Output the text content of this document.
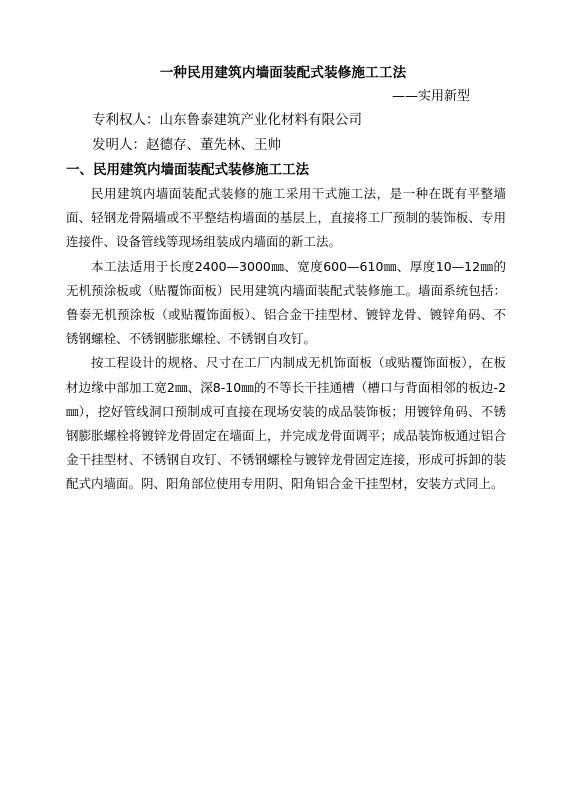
一种民用建筑内墙面装配式装修施工工法
——实用新型
专利权人：山东鲁泰建筑产业化材料有限公司
发明人：赵德存、董先林、王帅
一、民用建筑内墙面装配式装修施工工法

民用建筑内墙面装配式装修的施工采用干式施工法，是一种在既有平整墙面、轻钢龙骨隔墙或不平整结构墙面的基层上，直接将工厂预制的装饰板、专用连接件、设备管线等现场组装成内墙面的新工法。

本工法适用于长度2400—3000㎜、宽度600—610㎜、厚度10—12㎜的无机预涂板或（贴覆饰面板）民用建筑内墙面装配式装修施工。墙面系统包括：鲁泰无机预涂板（或贴覆饰面板）、铝合金干挂型材、镀锌龙骨、镀锌角码、不锈钢螺栓、不锈钢膨胀螺栓、不锈钢自攻钉。

按工程设计的规格、尺寸在工厂内制成无机饰面板（或贴覆饰面板），在板材边缘中部加工宽2㎜、深8-10㎜的不等长干挂通槽（槽口与背面相邻的板边-2㎜），挖好管线洞口预制成可直接在现场安装的成品装饰板；用镀锌角码、不锈钢膨胀螺栓将镀锌龙骨固定在墙面上，并完成龙骨面调平；成品装饰板通过铝合金干挂型材、不锈钢自攻钉、不锈钢螺栓与镀锌龙骨固定连接，形成可拆卸的装配式内墙面。阴、阳角部位使用专用阴、阳角铝合金干挂型材，安装方式同上。
